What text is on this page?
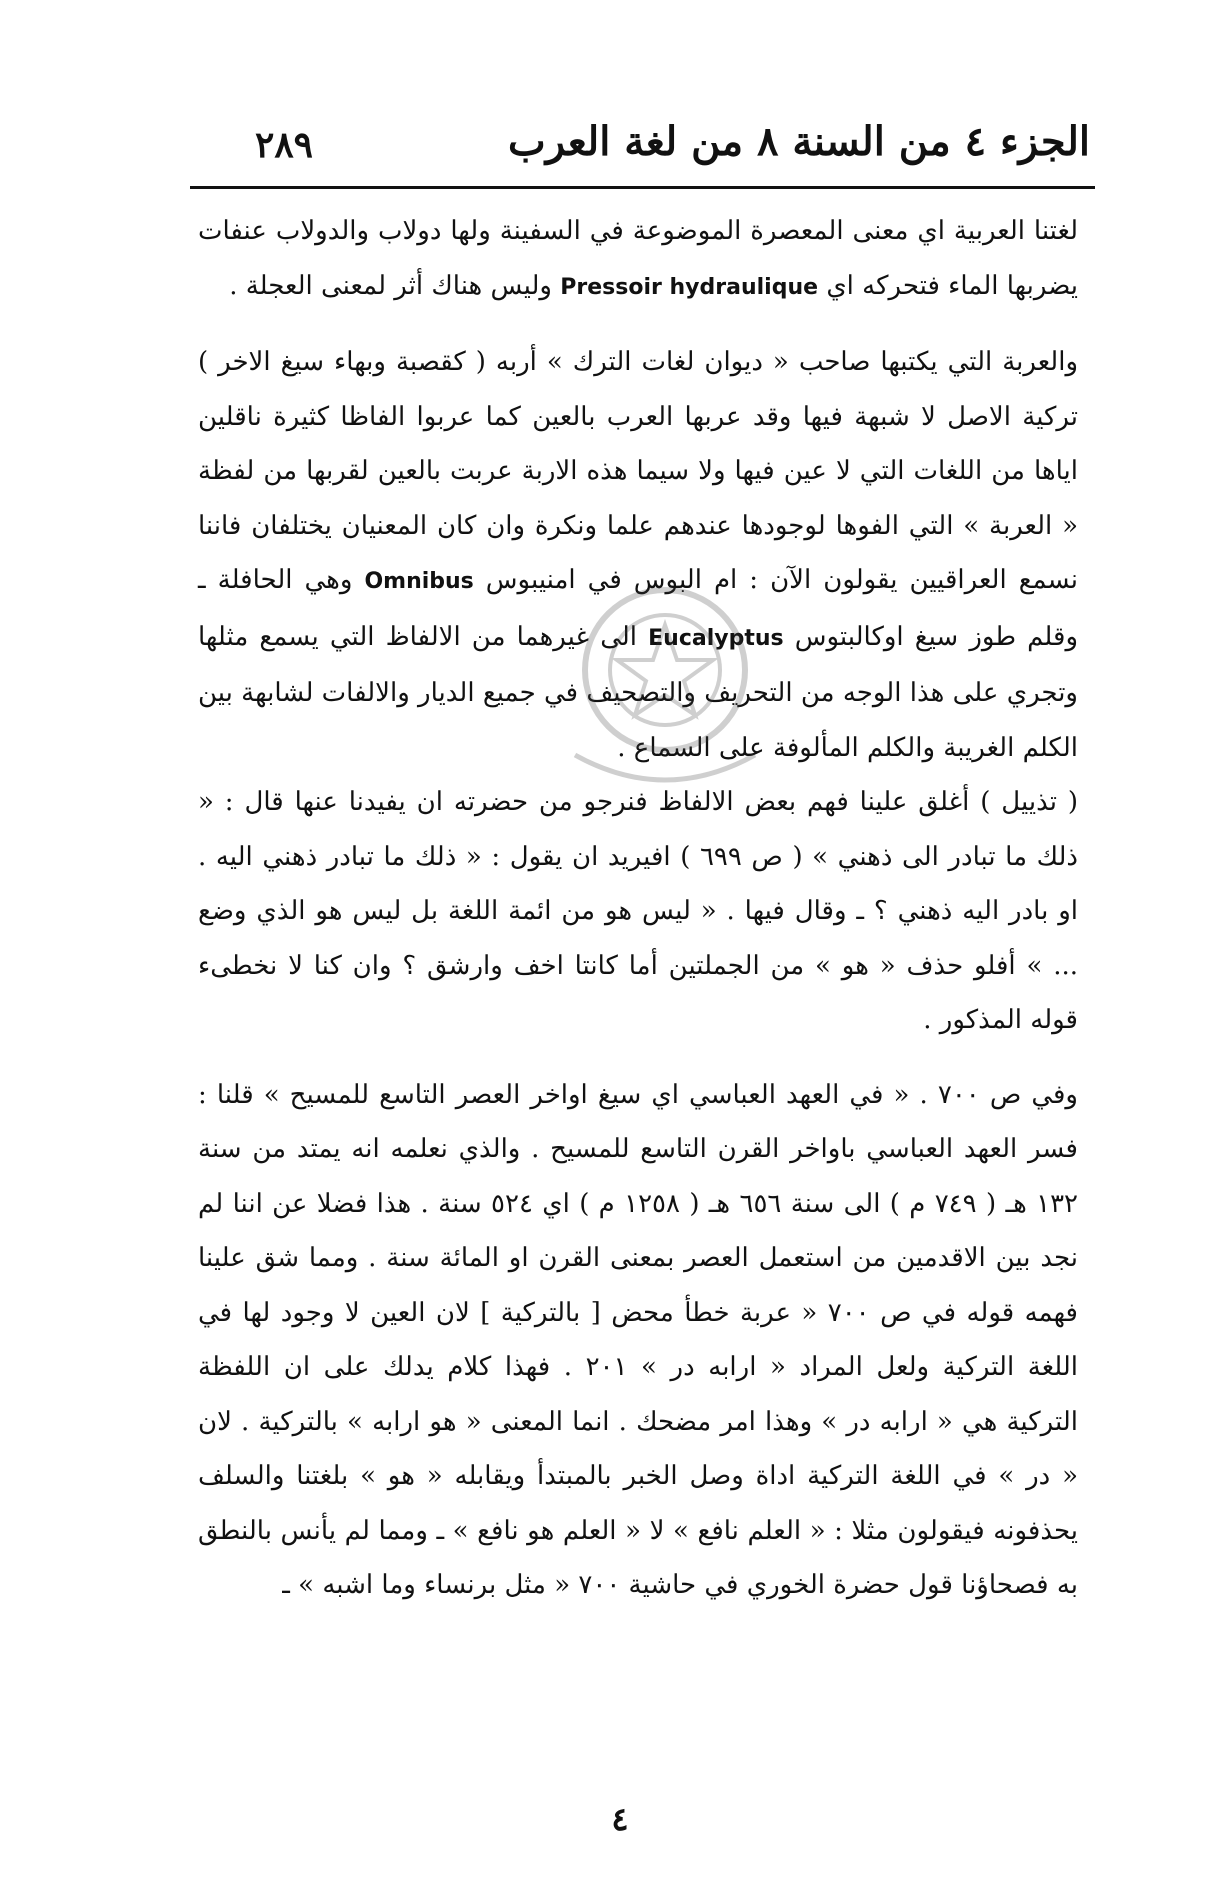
الجزء ٤ من السنة ٨ من لغة العرب
٢٨٩

لغتنا العربية اي معنى المعصرة الموضوعة في السفينة ولها دولاب والدولاب عنفات يضربها الماء فتحركه اي Pressoir hydraulique وليس هناك أثر لمعنى العجلة .

والعربة التي يكتبها صاحب « ديوان لغات الترك » أربه ( كقصبة وبهاء سيغ الاخر ) تركية الاصل لا شبهة فيها وقد عربها العرب بالعين كما عربوا الفاظا كثيرة ناقلين اياها من اللغات التي لا عين فيها ولا سيما هذه الاربة عربت بالعين لقربها من لفظة « العربة » التي الفوها لوجودها عندهم علما ونكرة وان كان المعنيان يختلفان فاننا نسمع العراقيين يقولون الآن : ام البوس في امنيبوس Omnibus وهي الحافلة ـ وقلم طوز سيغ اوكالبتوس Eucalyptus الى غيرهما من الالفاظ التي يسمع مثلها وتجري على هذا الوجه من التحريف والتصحيف في جميع الديار والالفات لشابهة بين الكلم الغريبة والكلم المألوفة على السماع .

( تذييل ) أغلق علينا فهم بعض الالفاظ فنرجو من حضرته ان يفيدنا عنها قال : « ذلك ما تبادر الى ذهني » ( ص ٦٩٩ ) افيريد ان يقول : « ذلك ما تبادر ذهني اليه . او بادر اليه ذهني ؟ ـ وقال فيها . « ليس هو من ائمة اللغة بل ليس هو الذي وضع ... » أفلو حذف « هو » من الجملتين أما كانتا اخف وارشق ؟ وان كنا لا نخطىء قوله المذكور .

وفي ص ٧٠٠ . « في العهد العباسي اي سيغ اواخر العصر التاسع للمسيح » قلنا : فسر العهد العباسي باواخر القرن التاسع للمسيح . والذي نعلمه انه يمتد من سنة ١٣٢ هـ ( ٧٤٩ م ) الى سنة ٦٥٦ هـ ( ١٢٥٨ م ) اي ٥٢٤ سنة . هذا فضلا عن اننا لم نجد بين الاقدمين من استعمل العصر بمعنى القرن او المائة سنة . ومما شق علينا فهمه قوله في ص ٧٠٠ « عربة خطأ محض [ بالتركية ] لان العين لا وجود لها في اللغة التركية ولعل المراد « ارابه در » ٢٠١ . فهذا كلام يدلك على ان اللفظة التركية هي « ارابه در » وهذا امر مضحك . انما المعنى « هو ارابه » بالتركية . لان « در » في اللغة التركية اداة وصل الخبر بالمبتدأ ويقابله « هو » بلغتنا والسلف يحذفونه فيقولون مثلا : « العلم نافع » لا « العلم هو نافع » ـ ومما لم يأنس بالنطق به فصحاؤنا قول حضرة الخوري في حاشية ٧٠٠ « مثل برنساء وما اشبه » ـ

٤
